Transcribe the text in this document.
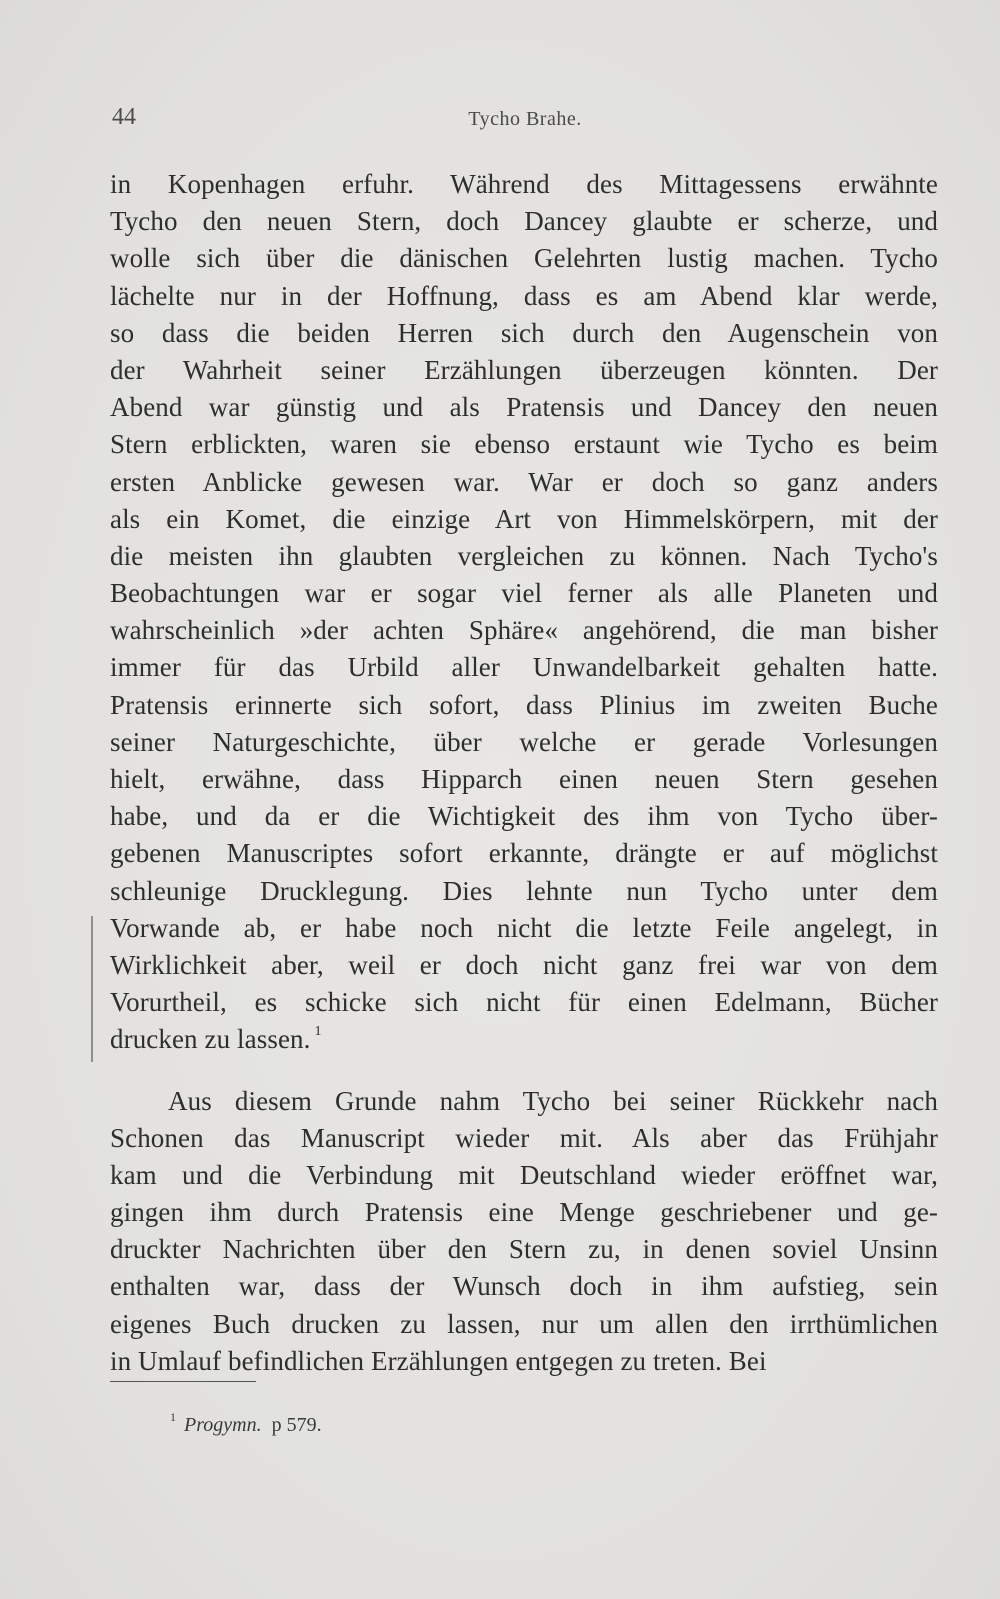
44	Tycho Brahe.
in Kopenhagen erfuhr. Während des Mittagessens erwähnte
Tycho den neuen Stern, doch Dancey glaubte er scherze, und
wolle sich über die dänischen Gelehrten lustig machen. Tycho
lächelte nur in der Hoffnung, dass es am Abend klar werde,
so dass die beiden Herren sich durch den Augenschein von
der Wahrheit seiner Erzählungen überzeugen könnten. Der
Abend war günstig und als Pratensis und Dancey den neuen
Stern erblickten, waren sie ebenso erstaunt wie Tycho es beim
ersten Anblicke gewesen war. War er doch so ganz anders
als ein Komet, die einzige Art von Himmelskörpern, mit der
die meisten ihn glaubten vergleichen zu können. Nach Tycho's
Beobachtungen war er sogar viel ferner als alle Planeten und
wahrscheinlich »der achten Sphäre« angehörend, die man bisher
immer für das Urbild aller Unwandelbarkeit gehalten hatte.
Pratensis erinnerte sich sofort, dass Plinius im zweiten Buche
seiner Naturgeschichte, über welche er gerade Vorlesungen
hielt, erwähne, dass Hipparch einen neuen Stern gesehen
habe, und da er die Wichtigkeit des ihm von Tycho über-
gebenen Manuscriptes sofort erkannte, drängte er auf möglichst
schleunige Drucklegung. Dies lehnte nun Tycho unter dem
Vorwande ab, er habe noch nicht die letzte Feile angelegt, in
Wirklichkeit aber, weil er doch nicht ganz frei war von dem
Vorurtheil, es schicke sich nicht für einen Edelmann, Bücher
drucken zu lassen. $^1$
Aus diesem Grunde nahm Tycho bei seiner Rückkehr nach
Schonen das Manuscript wieder mit. Als aber das Frühjahr
kam und die Verbindung mit Deutschland wieder eröffnet war,
gingen ihm durch Pratensis eine Menge geschriebener und ge-
druckter Nachrichten über den Stern zu, in denen soviel Unsinn
enthalten war, dass der Wunsch doch in ihm aufstieg, sein
eigenes Buch drucken zu lassen, nur um allen den irrthümlichen
in Umlauf befindlichen Erzählungen entgegen zu treten. Bei
$^1$ Progymn. p 579.
